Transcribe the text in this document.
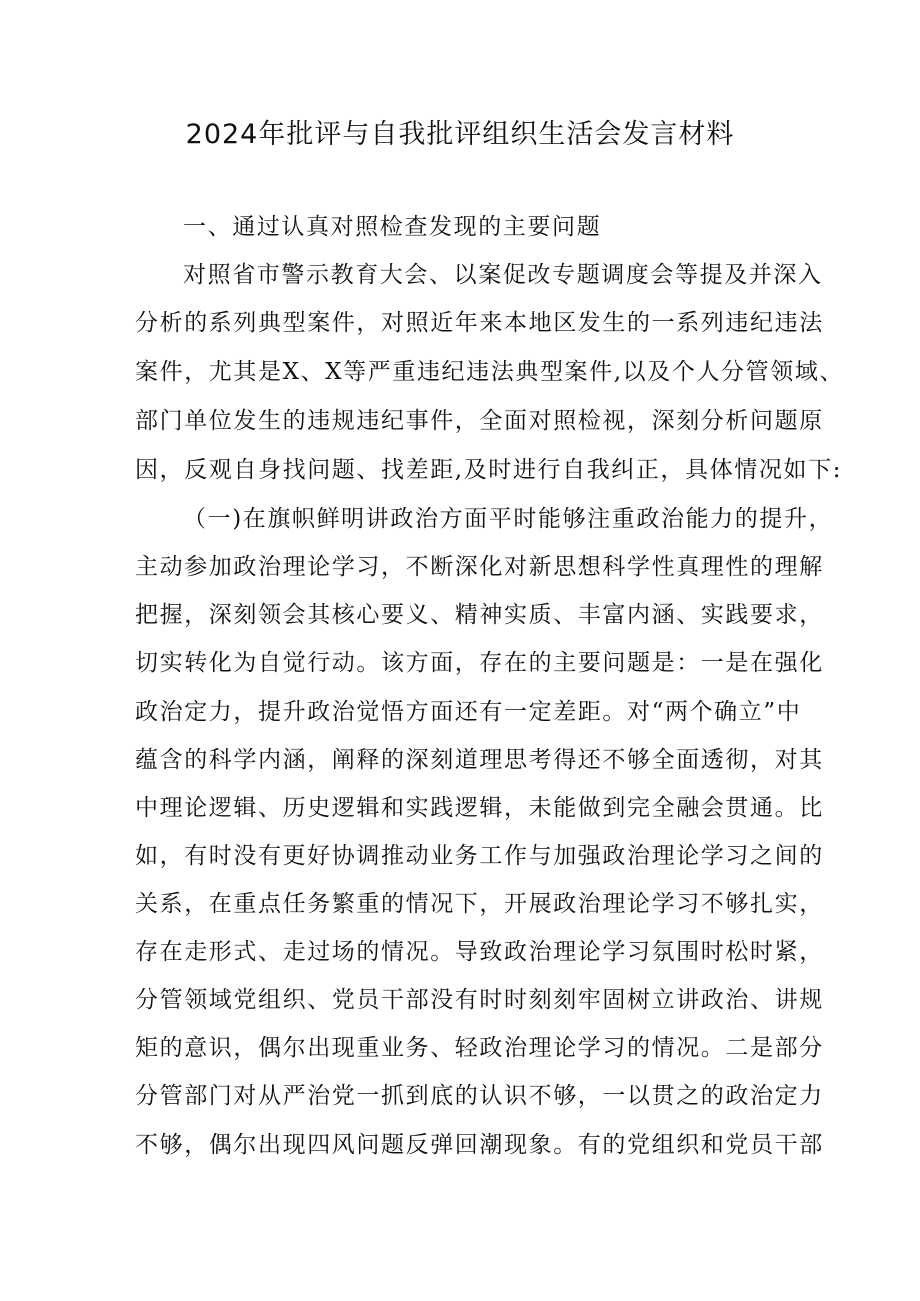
2024年批评与自我批评组织生活会发言材料
一、通过认真对照检查发现的主要问题
对照省市警示教育大会、以案促改专题调度会等提及并深入
分析的系列典型案件，对照近年来本地区发生的一系列违纪违法
案件，尤其是X、X等严重违纪违法典型案件,以及个人分管领域、
部门单位发生的违规违纪事件，全面对照检视，深刻分析问题原
因，反观自身找问题、找差距,及时进行自我纠正，具体情况如下:
（一)在旗帜鲜明讲政治方面平时能够注重政治能力的提升，
主动参加政治理论学习，不断深化对新思想科学性真理性的理解
把握，深刻领会其核心要义、精神实质、丰富内涵、实践要求，
切实转化为自觉行动。该方面，存在的主要问题是：一是在强化
政治定力，提升政治觉悟方面还有一定差距。对“两个确立”中
蕴含的科学内涵，阐释的深刻道理思考得还不够全面透彻，对其
中理论逻辑、历史逻辑和实践逻辑，未能做到完全融会贯通。比
如，有时没有更好协调推动业务工作与加强政治理论学习之间的
关系，在重点任务繁重的情况下，开展政治理论学习不够扎实，
存在走形式、走过场的情况。导致政治理论学习氛围时松时紧，
分管领域党组织、党员干部没有时时刻刻牢固树立讲政治、讲规
矩的意识，偶尔出现重业务、轻政治理论学习的情况。二是部分
分管部门对从严治党一抓到底的认识不够，一以贯之的政治定力
不够，偶尔出现四风问题反弹回潮现象。有的党组织和党员干部
